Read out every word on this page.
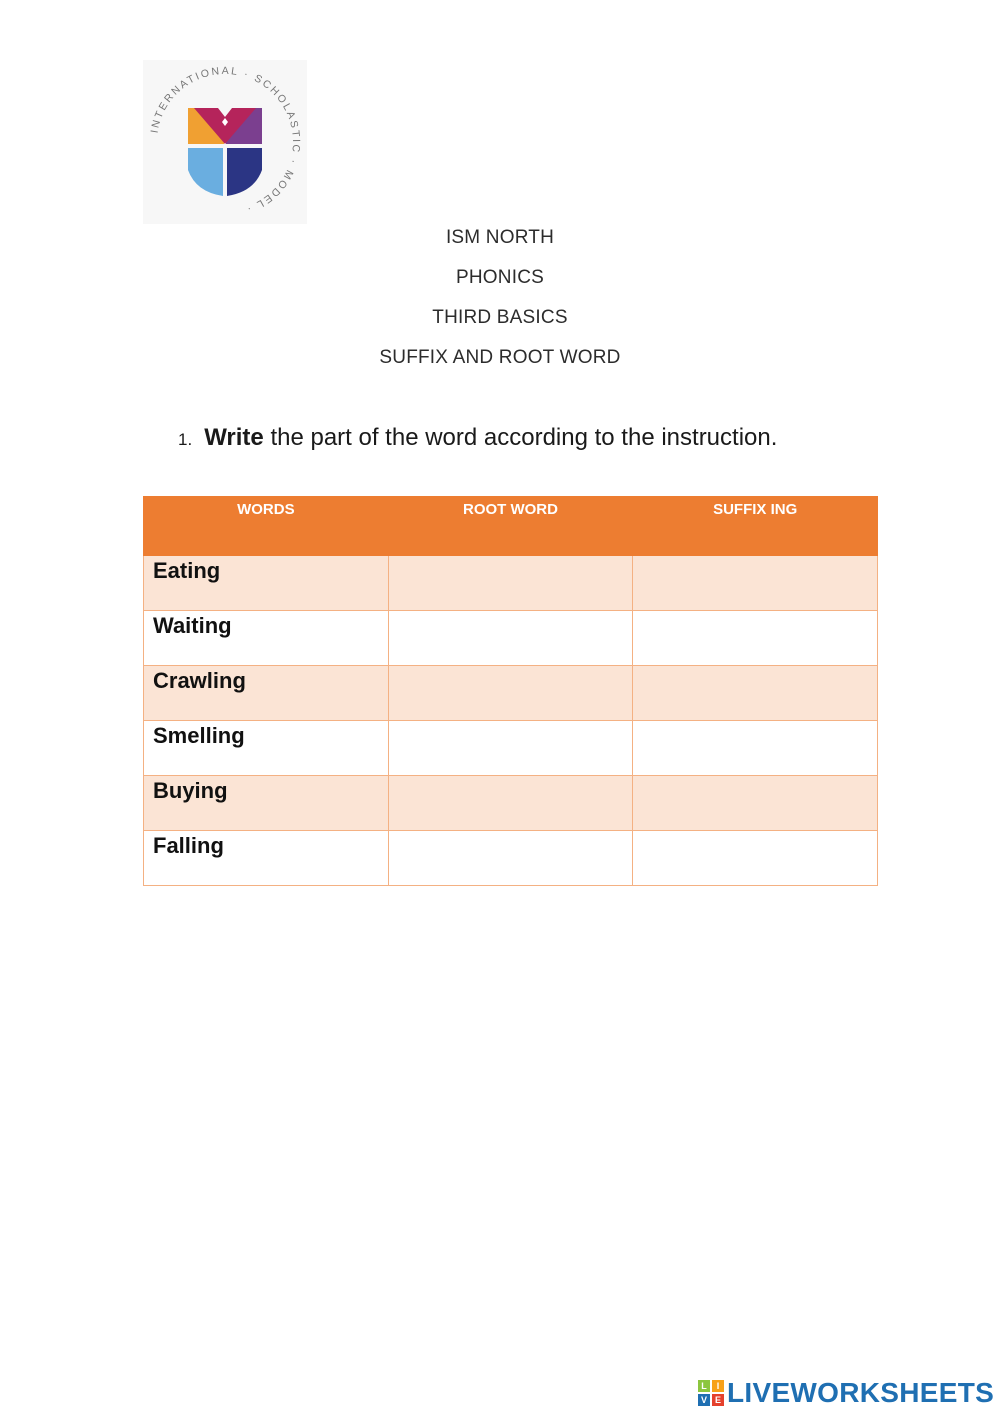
INTERNATIONAL · SCHOLASTIC · MODEL ·
ISM NORTH
PHONICS
THIRD BASICS
SUFFIX AND ROOT WORD
1. Write the part of the word according to the instruction.
WORDS	ROOT WORD	SUFFIX ING
Eating		
Waiting		
Crawling		
Smelling		
Buying		
Falling		
L	I
V E LIVEWORKSHEETS
